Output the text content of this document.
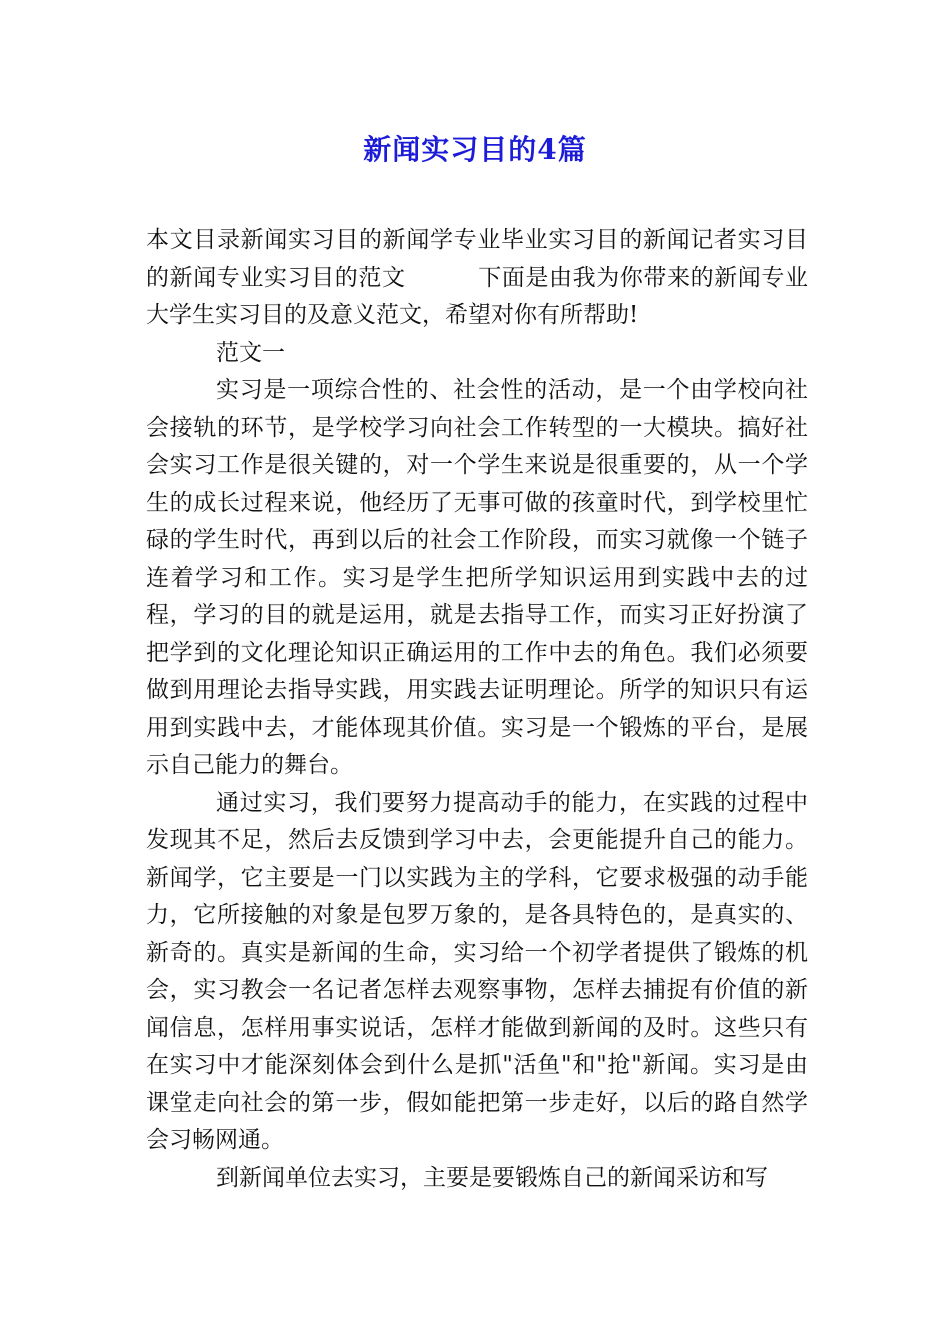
新闻实习目的4篇

本文目录新闻实习目的新闻学专业毕业实习目的新闻记者实习目的新闻专业实习目的范文	下面是由我为你带来的新闻专业大学生实习目的及意义范文，希望对你有所帮助!

范文一

实习是一项综合性的、社会性的活动，是一个由学校向社会接轨的环节，是学校学习向社会工作转型的一大模块。搞好社会实习工作是很关键的，对一个学生来说是很重要的，从一个学生的成长过程来说，他经历了无事可做的孩童时代，到学校里忙碌的学生时代，再到以后的社会工作阶段，而实习就像一个链子连着学习和工作。实习是学生把所学知识运用到实践中去的过程，学习的目的就是运用，就是去指导工作，而实习正好扮演了把学到的文化理论知识正确运用的工作中去的角色。我们必须要做到用理论去指导实践，用实践去证明理论。所学的知识只有运用到实践中去，才能体现其价值。实习是一个锻炼的平台，是展示自己能力的舞台。

通过实习，我们要努力提高动手的能力，在实践的过程中发现其不足，然后去反馈到学习中去，会更能提升自己的能力。新闻学，它主要是一门以实践为主的学科，它要求极强的动手能力，它所接触的对象是包罗万象的，是各具特色的，是真实的、新奇的。真实是新闻的生命，实习给一个初学者提供了锻炼的机会，实习教会一名记者怎样去观察事物，怎样去捕捉有价值的新闻信息，怎样用事实说话，怎样才能做到新闻的及时。这些只有在实习中才能深刻体会到什么是抓"活鱼"和"抢"新闻。实习是由课堂走向社会的第一步，假如能把第一步走好，以后的路自然学会习畅网通。

到新闻单位去实习，主要是要锻炼自己的新闻采访和写
